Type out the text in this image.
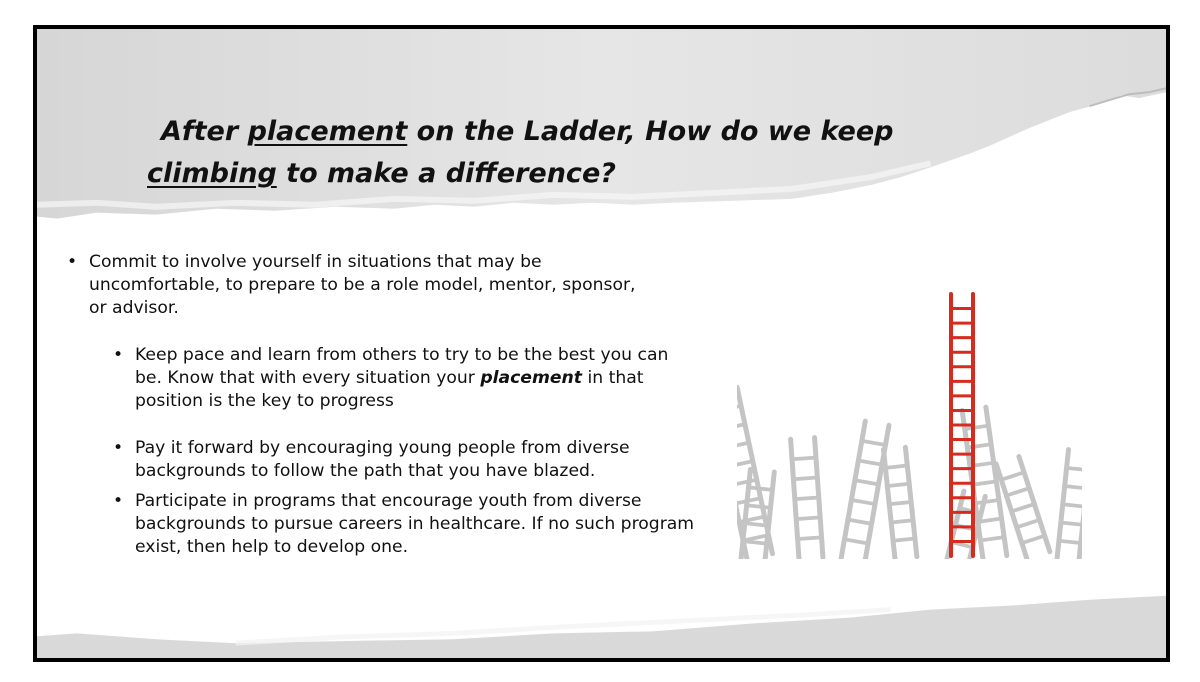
After placement on the Ladder, How do we keep
climbing to make a difference?
• Commit to involve yourself in situations that may be uncomfortable, to prepare to be a role model, mentor, sponsor, or advisor.
• Keep pace and learn from others to try to be the best you can be. Know that with every situation your placement in that position is the key to progress
• Pay it forward by encouraging young people from diverse backgrounds to follow the path that you have blazed.
• Participate in programs that encourage youth from diverse backgrounds to pursue careers in healthcare. If no such program exist, then help to develop one.
